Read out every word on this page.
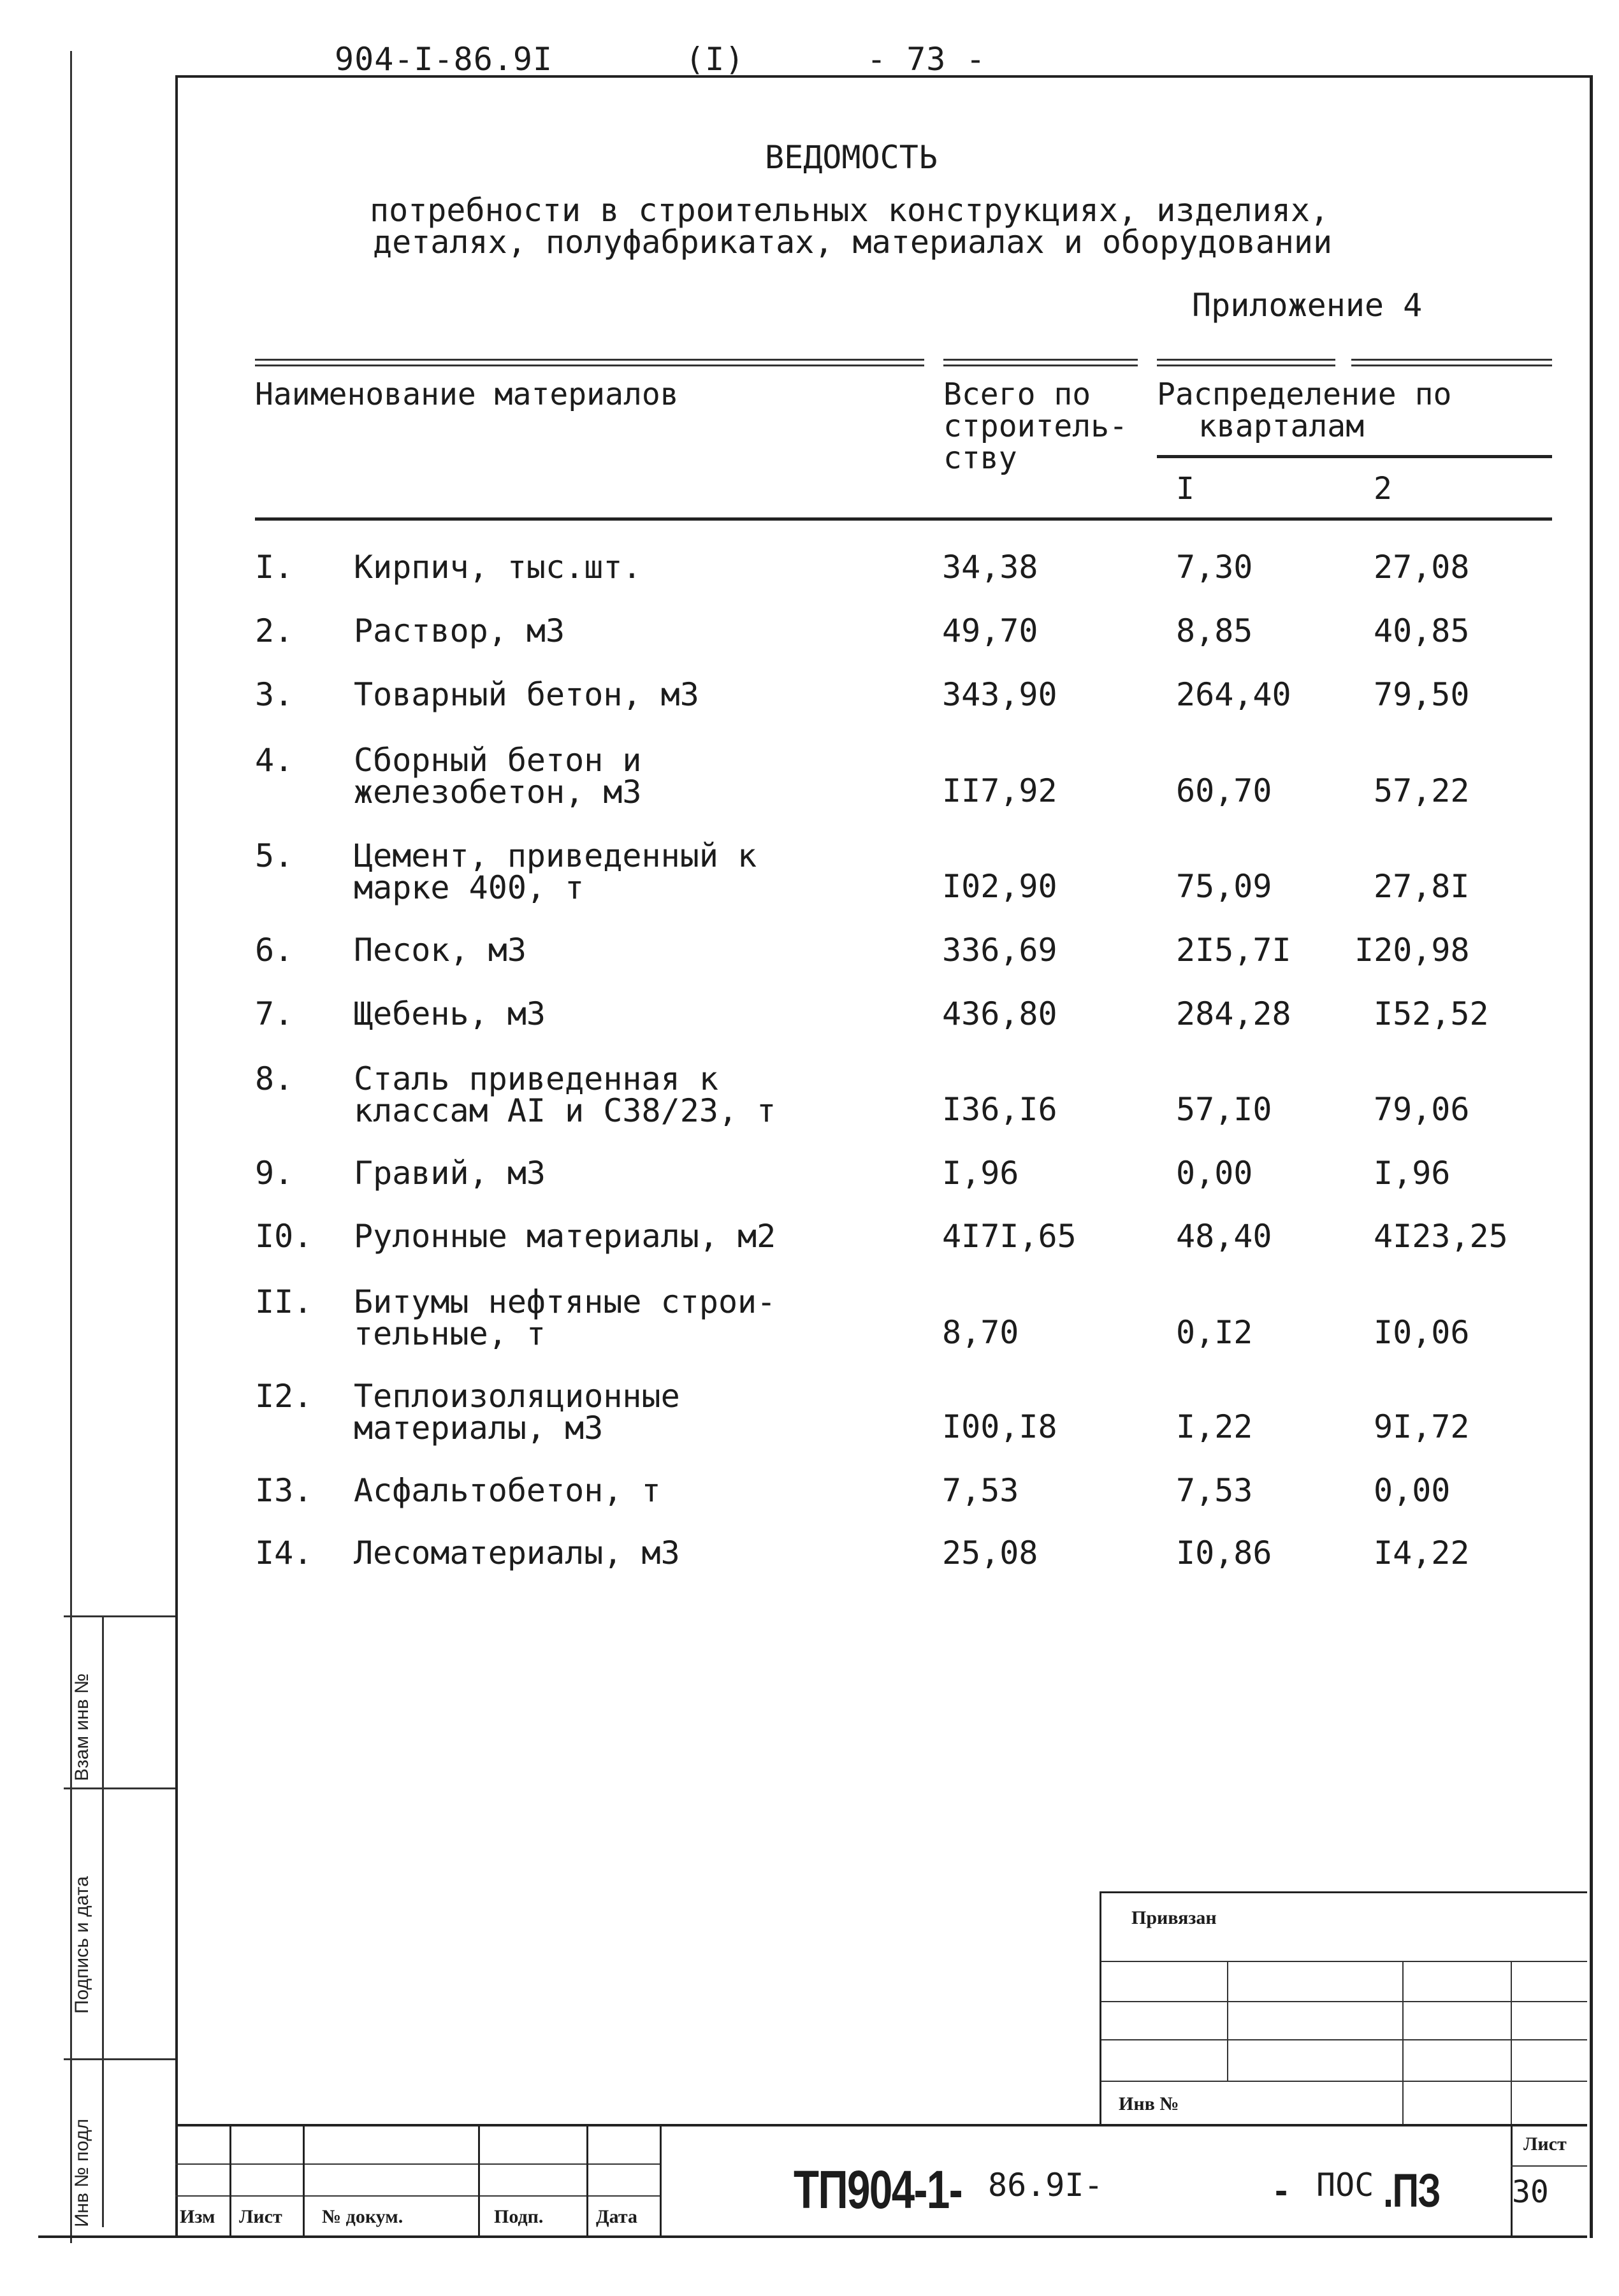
904-I-86.9I	(I)	- 73 -
ВЕДОМОСТЬ
потребности в строительных конструкциях, изделиях,
деталях, полуфабрикатах, материалах и оборудовании
Приложение 4
Наименование материалов	Всего по
строитель-
ству
Распределение по
кварталам
I	2
I. Кирпич, тыс.шт.	34,38	7,30	27,08
2. Раствор, м3	49,70	8,85	40,85
3. Товарный бетон, м3	343,90	264,40	79,50
4. Сборный бетон и
железобетон, м3	II7,92	60,70	57,22
5. Цемент, приведенный к
марке 400, т	I02,90	75,09	27,8I
6. Песок, м3	336,69	2I5,7I I20,98
7. Щебень, м3	436,80	284,28	I52,52
8. Сталь приведенная к
классам AI и С38/23, т	I36,I6	57,I0	79,06
9. Гравий, м3	I,96	0,00	I,96
I0. Рулонные материалы, м2	4I7I,65	48,40	4I23,25
II. Битумы нефтяные строи-
тельные, т	8,70	0,I2	I0,06
I2. Теплоизоляционные
материалы, м3	I00,I8	I,22	9I,72
I3. Асфальтобетон, т	7,53	7,53	0,00
I4. Лесоматериалы, м3	25,08	I0,86	I4,22
Взам инв №
Подпись и дата
Инв № подл
Привязан
Инв №
Изм Лист № докум.	Подп.	Дата	ТП904-1- 86.9I-	- ПОС .ПЗ
Лист
30
